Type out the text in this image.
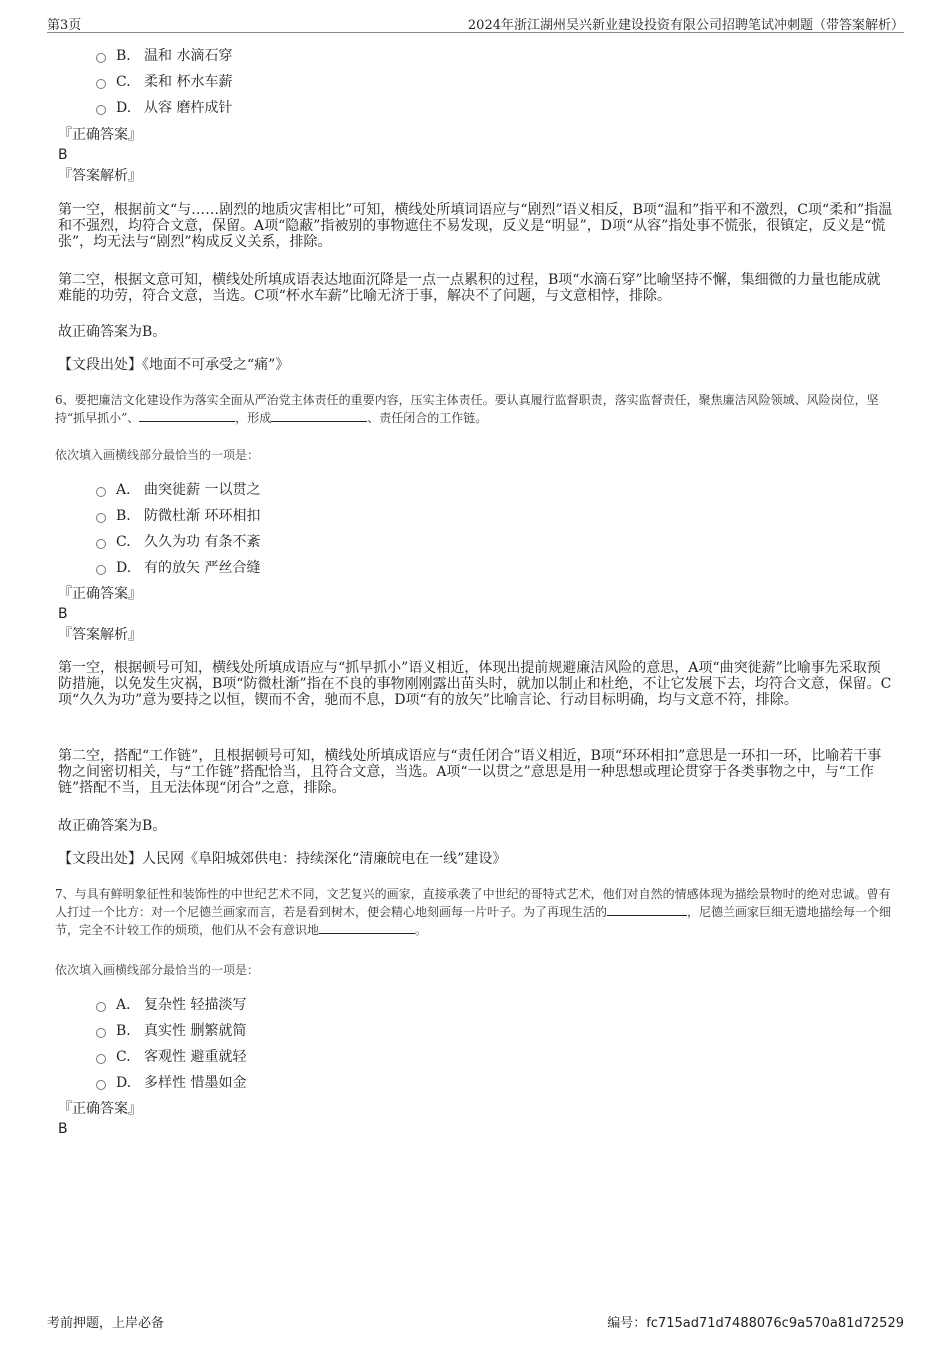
第3页	2024年浙江湖州吴兴新业建设投资有限公司招聘笔试冲刺题（带答案解析）
B. 温和 水滴石穿
C. 柔和 杯水车薪
D. 从容 磨杵成针
『正确答案』
B
『答案解析』
第一空，根据前文“与……剧烈的地质灾害相比”可知，横线处所填词语应与“剧烈”语义相反，B项“温和”指平和不激烈，C项“柔和”指温和不强烈，均符合文意，保留。A项“隐蔽”指被别的事物遮住不易发现，反义是“明显”，D项“从容”指处事不慌张，很镇定，反义是“慌张”，均无法与“剧烈”构成反义关系，排除。
第二空，根据文意可知，横线处所填成语表达地面沉降是一点一点累积的过程，B项“水滴石穿”比喻坚持不懈，集细微的力量也能成就难能的功劳，符合文意，当选。C项“杯水车薪”比喻无济于事，解决不了问题，与文意相悖，排除。
故正确答案为B。
【文段出处】《地面不可承受之“痛”》
6、要把廉洁文化建设作为落实全面从严治党主体责任的重要内容，压实主体责任。要认真履行监督职责，落实监督责任，聚焦廉洁风险领域、风险岗位，坚持“抓早抓小”、	，形成	、责任闭合的工作链。
依次填入画横线部分最恰当的一项是：
A． 曲突徙薪 一以贯之
B. 防微杜渐 环环相扣
C. 久久为功 有条不紊
D. 有的放矢 严丝合缝
『正确答案』
B
『答案解析』
第一空，根据顿号可知，横线处所填成语应与“抓早抓小”语义相近，体现出提前规避廉洁风险的意思，A项“曲突徙薪”比喻事先采取预防措施，以免发生灾祸，B项“防微杜渐”指在不良的事物刚刚露出苗头时，就加以制止和杜绝，不让它发展下去，均符合文意，保留。C项“久久为功”意为要持之以恒，锲而不舍，驰而不息，D项“有的放矢”比喻言论、行动目标明确，均与文意不符，排除。
第二空，搭配“工作链”，且根据顿号可知，横线处所填成语应与“责任闭合”语义相近，B项“环环相扣”意思是一环扣一环，比喻若干事物之间密切相关，与“工作链”搭配恰当，且符合文意，当选。A项“一以贯之”意思是用一种思想或理论贯穿于各类事物之中，与“工作链”搭配不当，且无法体现“闭合”之意，排除。
故正确答案为B。
【文段出处】人民网《阜阳城郊供电：持续深化“清廉皖电在一线”建设》
7、与具有鲜明象征性和装饰性的中世纪艺术不同，文艺复兴的画家，直接承袭了中世纪的哥特式艺术，他们对自然的情感体现为描绘景物时的绝对忠诚。曾有人打过一个比方：对一个尼德兰画家而言，若是看到树木，便会精心地刻画每一片叶子。为了再现生活的	，尼德兰画家巨细无遗地描绘每一个细节，完全不计较工作的烦琐，他们从不会有意识地	。
依次填入画横线部分最恰当的一项是：
A． 复杂性 轻描淡写
B. 真实性 删繁就简
C. 客观性 避重就轻
D. 多样性 惜墨如金
『正确答案』
B
考前押题，上岸必备	编号：fc715ad71d7488076c9a570a81d72529
